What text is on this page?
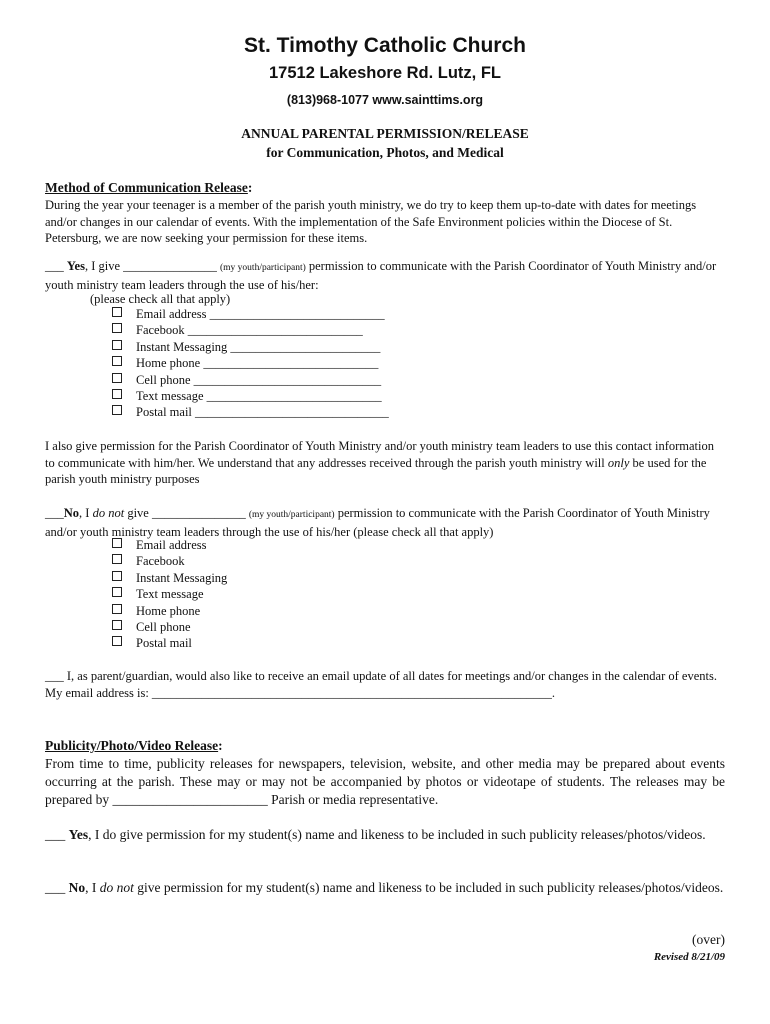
St. Timothy Catholic Church
17512 Lakeshore Rd. Lutz, FL
(813)968-1077 www.sainttims.org
ANNUAL PARENTAL PERMISSION/RELEASE
for Communication, Photos, and Medical
Method of Communication Release:
During the year your teenager is a member of the parish youth ministry, we do try to keep them up-to-date with dates for meetings and/or changes in our calendar of events. With the implementation of the Safe Environment policies within the Diocese of St. Petersburg, we are now seeking your permission for these items.
___ Yes, I give _______________ (my youth/participant) permission to communicate with the Parish Coordinator of Youth Ministry and/or youth ministry team leaders through the use of his/her:
(please check all that apply)
Email address ____________________________
Facebook ____________________________
Instant Messaging ________________________
Home phone ____________________________
Cell phone ______________________________
Text message ____________________________
Postal mail _______________________________
I also give permission for the Parish Coordinator of Youth Ministry and/or youth ministry team leaders to use this contact information to communicate with him/her. We understand that any addresses received through the parish youth ministry will only be used for the parish youth ministry purposes
___No, I do not give _______________ (my youth/participant) permission to communicate with the Parish Coordinator of Youth Ministry and/or youth ministry team leaders through the use of his/her (please check all that apply)
Email address
Facebook
Instant Messaging
Text message
Home phone
Cell phone
Postal mail
___ I, as parent/guardian, would also like to receive an email update of all dates for meetings and/or changes in the calendar of events. My email address is: ________________________________________________________________.
Publicity/Photo/Video Release:
From time to time, publicity releases for newspapers, television, website, and other media may be prepared about events occurring at the parish. These may or may not be accompanied by photos or videotape of students. The releases may be prepared by _______________________ Parish or media representative.
___ Yes, I do give permission for my student(s) name and likeness to be included in such publicity releases/photos/videos.
___ No, I do not give permission for my student(s) name and likeness to be included in such publicity releases/photos/videos.
(over)
Revised 8/21/09
